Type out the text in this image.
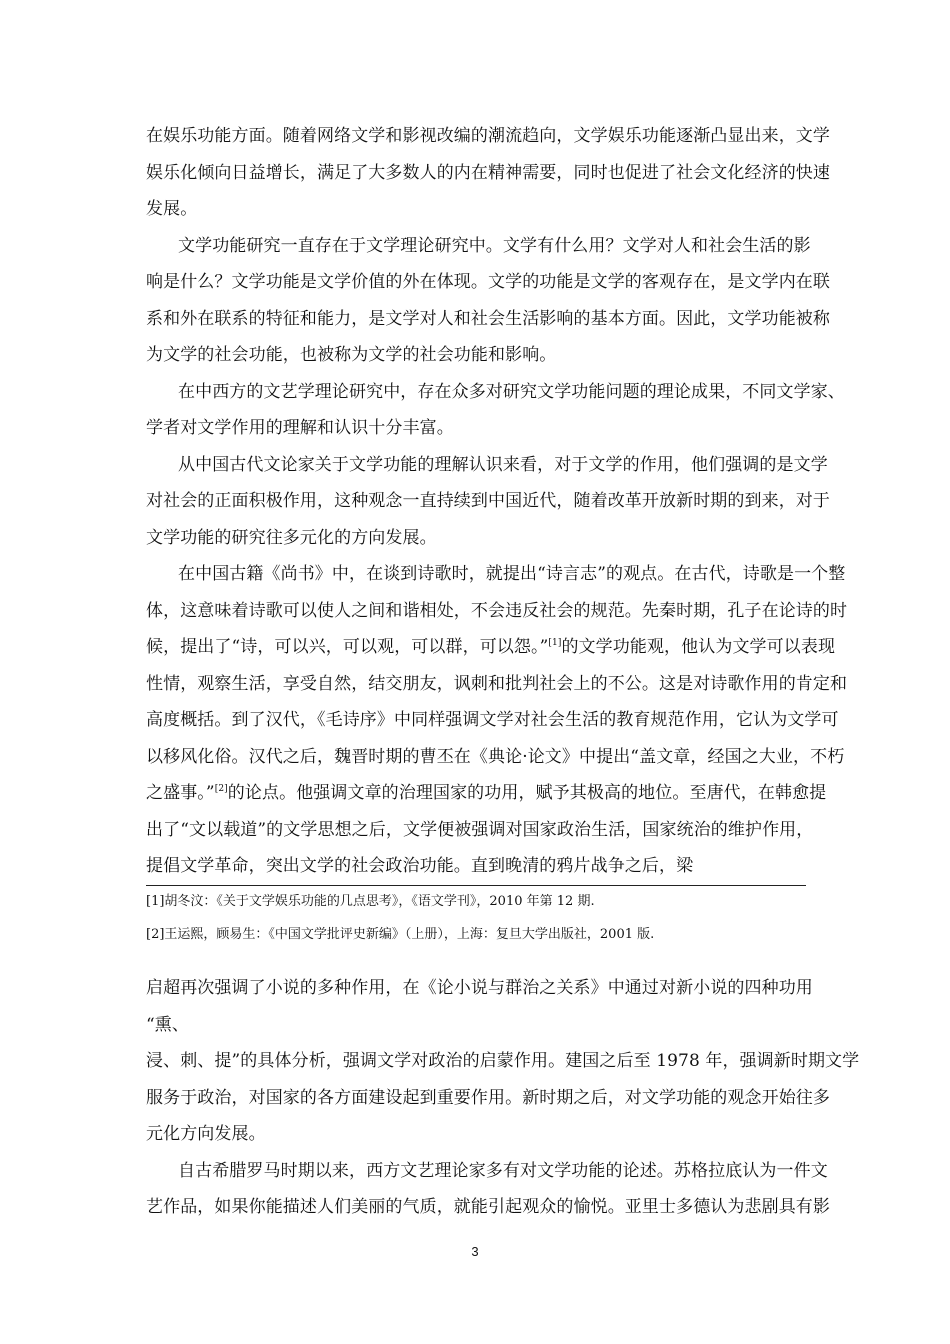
在娱乐功能方面。随着网络文学和影视改编的潮流趋向，文学娱乐功能逐渐凸显出来，文学

娱乐化倾向日益增长，满足了大多数人的内在精神需要，同时也促进了社会文化经济的快速

发展。

文学功能研究一直存在于文学理论研究中。文学有什么用？文学对人和社会生活的影

响是什么？文学功能是文学价值的外在体现。文学的功能是文学的客观存在，是文学内在联

系和外在联系的特征和能力，是文学对人和社会生活影响的基本方面。因此，文学功能被称

为文学的社会功能，也被称为文学的社会功能和影响。

在中西方的文艺学理论研究中，存在众多对研究文学功能问题的理论成果，不同文学家、

学者对文学作用的理解和认识十分丰富。

从中国古代文论家关于文学功能的理解认识来看，对于文学的作用，他们强调的是文学

对社会的正面积极作用，这种观念一直持续到中国近代，随着改革开放新时期的到来，对于

文学功能的研究往多元化的方向发展。

在中国古籍《尚书》中，在谈到诗歌时，就提出“诗言志”的观点。在古代，诗歌是一个整

体，这意味着诗歌可以使人之间和谐相处，不会违反社会的规范。先秦时期，孔子在论诗的时

候，提出了“诗，可以兴，可以观，可以群，可以怨。”[1]的文学功能观，他认为文学可以表现

性情，观察生活，享受自然，结交朋友，讽刺和批判社会上的不公。这是对诗歌作用的肯定和

高度概括。到了汉代，《毛诗序》中同样强调文学对社会生活的教育规范作用，它认为文学可

以移风化俗。汉代之后，魏晋时期的曹丕在《典论·论文》中提出“盖文章，经国之大业，不朽

之盛事。”[2]的论点。他强调文章的治理国家的功用，赋予其极高的地位。至唐代，在韩愈提

出了“文以载道”的文学思想之后，文学便被强调对国家政治生活，国家统治的维护作用，

提倡文学革命，突出文学的社会政治功能。直到晚清的鸦片战争之后，梁

[1]胡冬汶：《关于文学娱乐功能的几点思考》，《语文学刊》，2010 年第 12 期.
[2]王运熙，顾易生：《中国文学批评史新编》（上册），上海：复旦大学出版社，2001 版.

启超再次强调了小说的多种作用，在《论小说与群治之关系》中通过对新小说的四种功用

“熏、

浸、刺、提”的具体分析，强调文学对政治的启蒙作用。建国之后至 1978 年，强调新时期文学

服务于政治，对国家的各方面建设起到重要作用。新时期之后，对文学功能的观念开始往多

元化方向发展。

自古希腊罗马时期以来，西方文艺理论家多有对文学功能的论述。苏格拉底认为一件文

艺作品，如果你能描述人们美丽的气质，就能引起观众的愉悦。亚里士多德认为悲剧具有影

3
